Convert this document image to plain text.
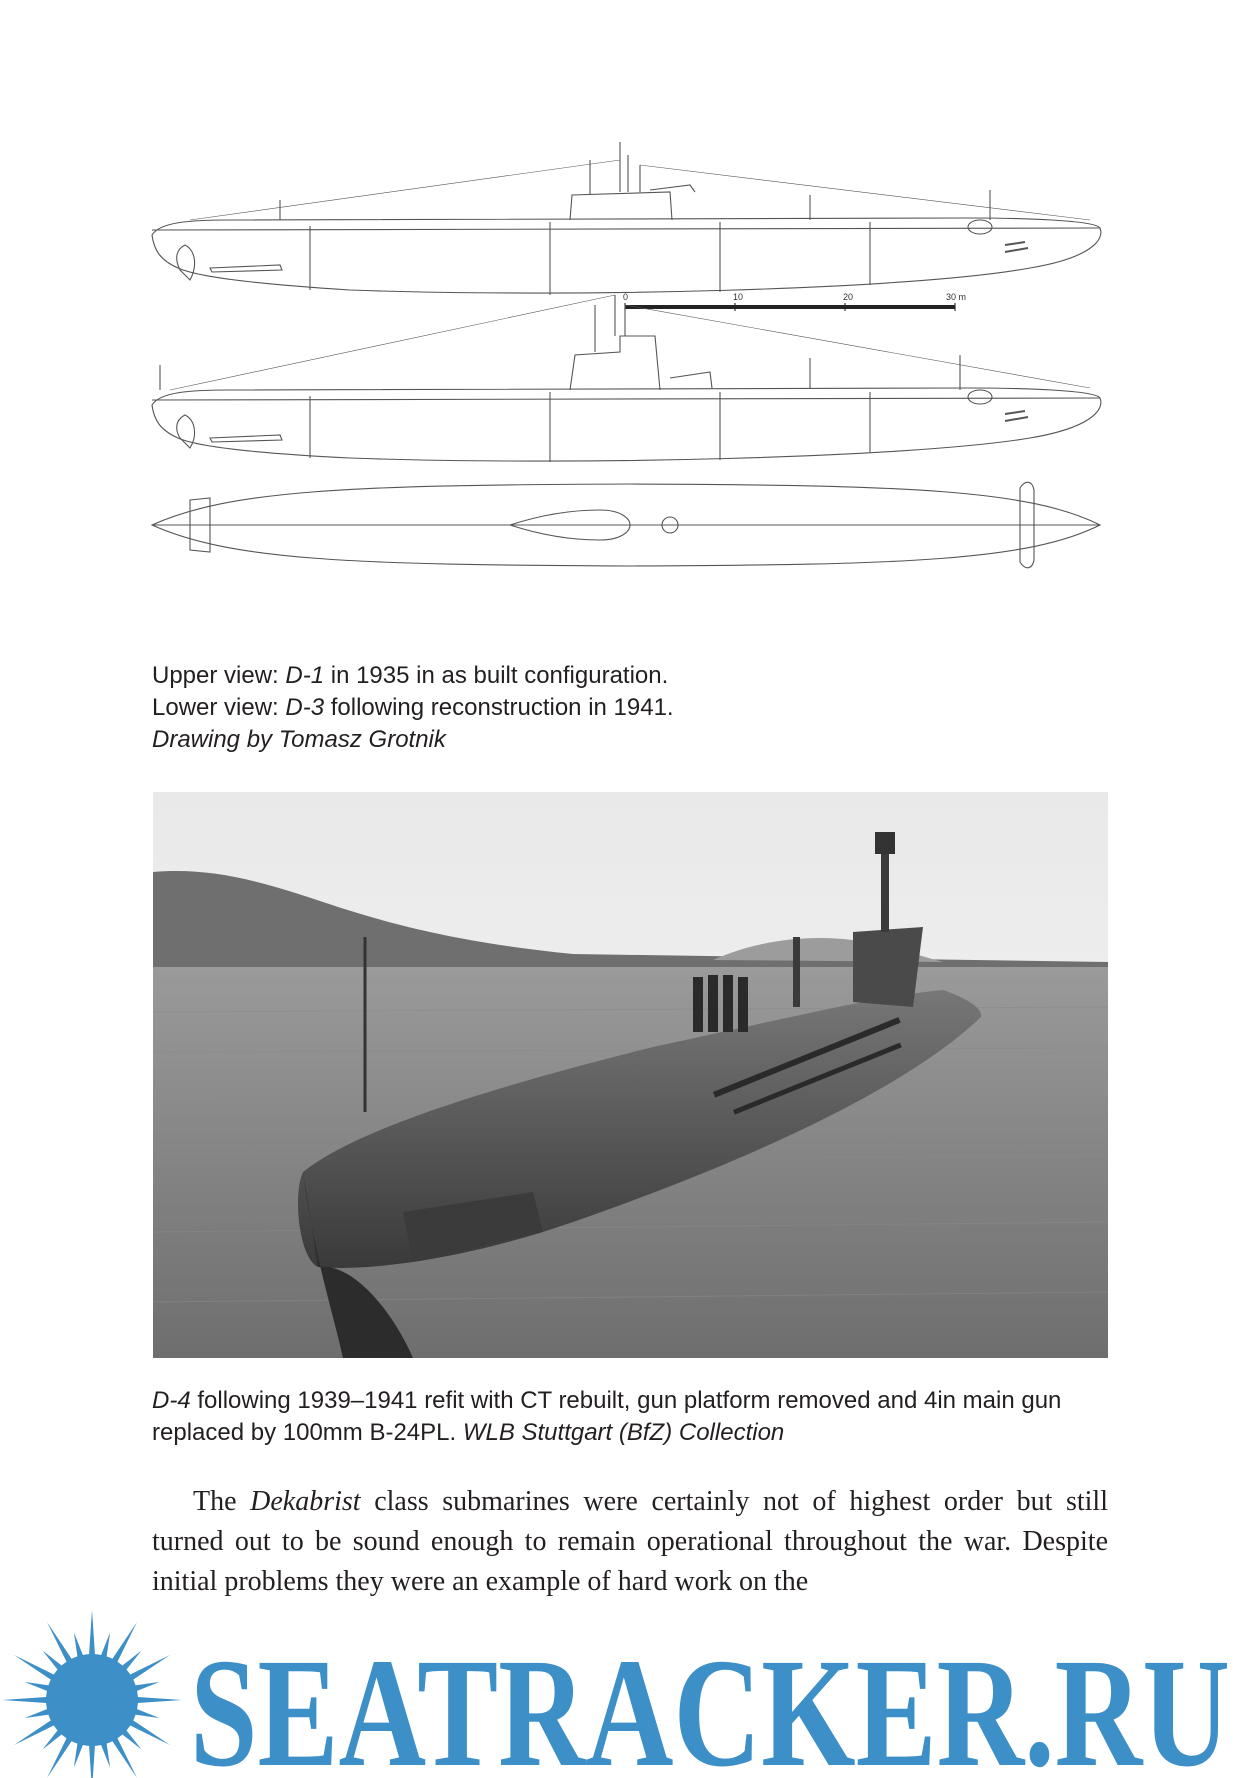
0	10	20	30 m
Upper view: D-1 in 1935 in as built configuration.
Lower view: D-3 following reconstruction in 1941.
Drawing by Tomasz Grotnik
D-4 following 1939–1941 refit with CT rebuilt, gun platform removed and 4in main gun replaced by 100mm B-24PL. WLB Stuttgart (BfZ) Collection
The Dekabrist class submarines were certainly not of highest order but still turned out to be sound enough to remain operational throughout the war. Despite initial problems they were an example of hard work on the
SEATRACKER.RU
